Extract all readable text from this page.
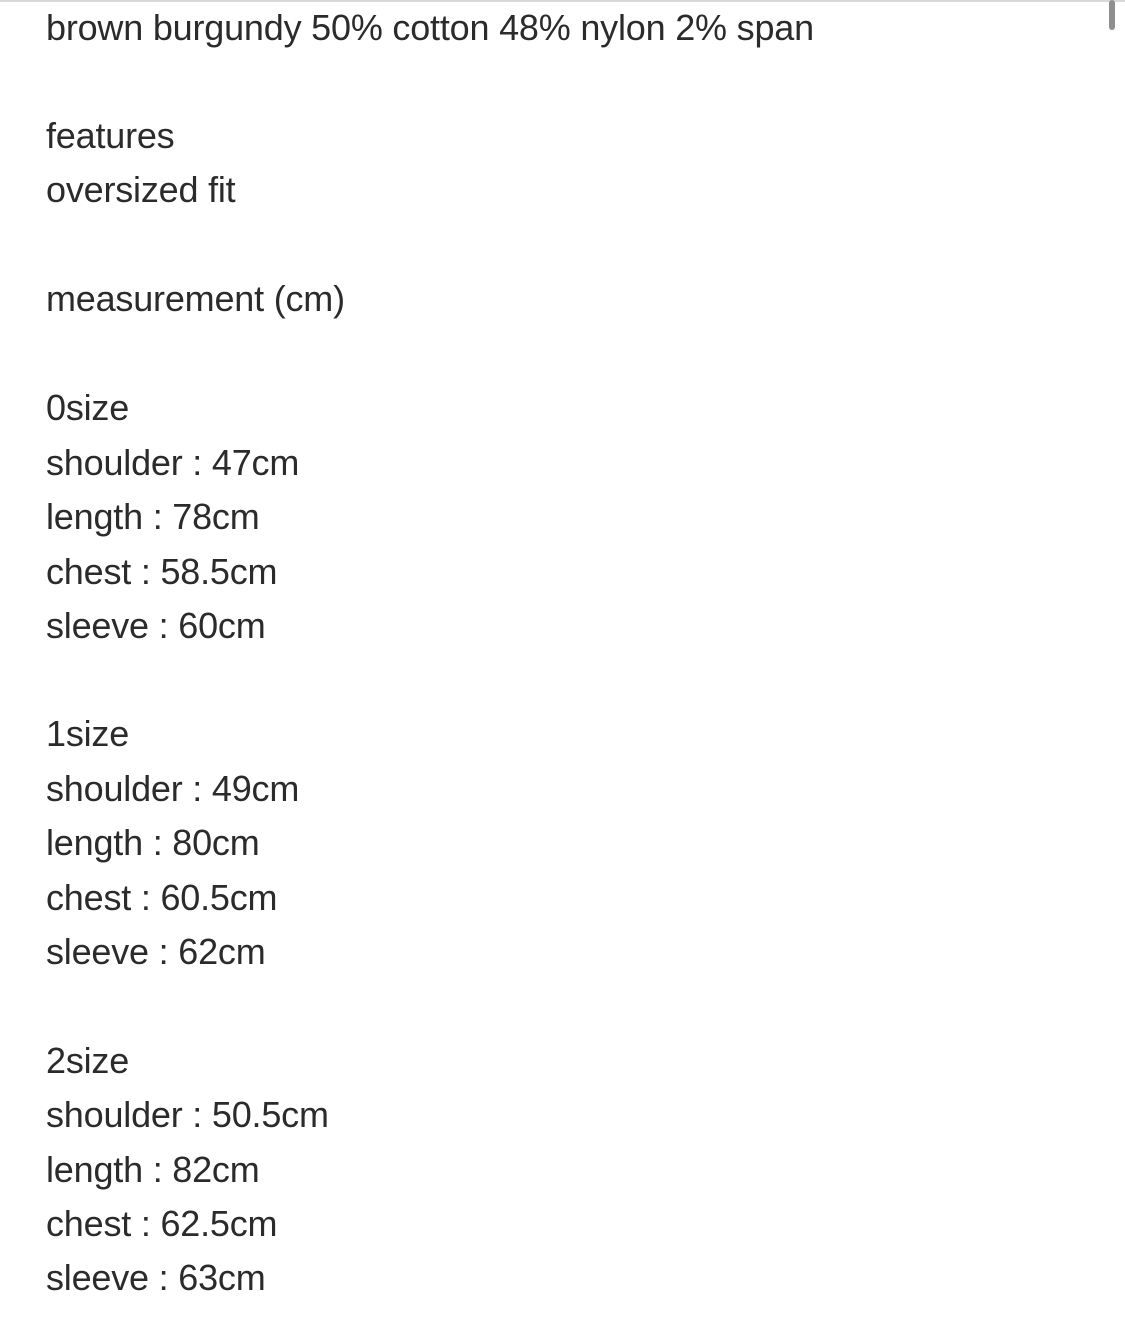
brown burgundy 50% cotton 48% nylon 2% span

features

oversized fit

measurement (cm)

0size

shoulder : 47cm

length : 78cm

chest : 58.5cm

sleeve : 60cm

1size

shoulder : 49cm

length : 80cm

chest : 60.5cm

sleeve : 62cm

2size

shoulder : 50.5cm

length : 82cm

chest : 62.5cm

sleeve : 63cm
